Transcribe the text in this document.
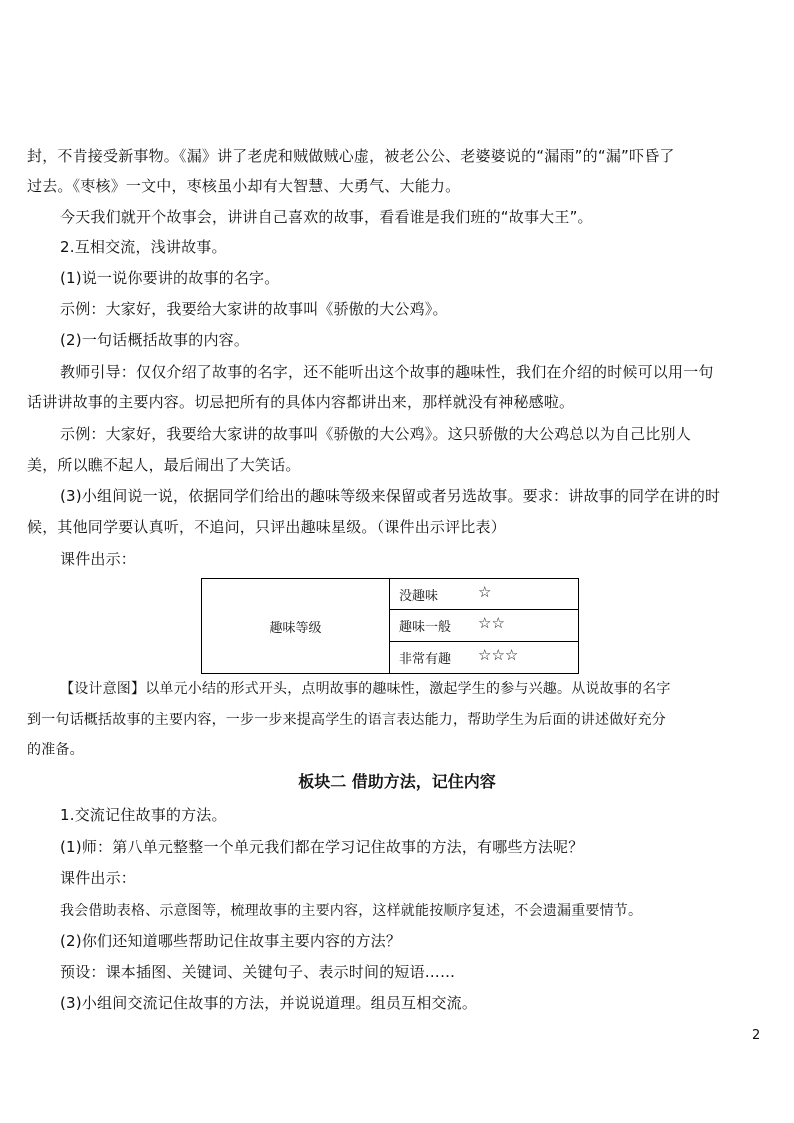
封，不肯接受新事物。《漏》讲了老虎和贼做贼心虚，被老公公、老婆婆说的“漏雨”的“漏”吓昏了
过去。《枣核》一文中，枣核虽小却有大智慧、大勇气、大能力。
今天我们就开个故事会，讲讲自己喜欢的故事，看看谁是我们班的“故事大王”。
2.互相交流，浅讲故事。
(1)说一说你要讲的故事的名字。
示例：大家好，我要给大家讲的故事叫《骄傲的大公鸡》。
(2)一句话概括故事的内容。
教师引导：仅仅介绍了故事的名字，还不能听出这个故事的趣味性，我们在介绍的时候可以用一句
话讲讲故事的主要内容。切忌把所有的具体内容都讲出来，那样就没有神秘感啦。
示例：大家好，我要给大家讲的故事叫《骄傲的大公鸡》。这只骄傲的大公鸡总以为自己比别人
美，所以瞧不起人，最后闹出了大笑话。
(3)小组间说一说，依据同学们给出的趣味等级来保留或者另选故事。要求：讲故事的同学在讲的时
候，其他同学要认真听，不追问，只评出趣味星级。（课件出示评比表）
课件出示：
趣味等级
没趣味	☆
趣味一般 ☆☆
非常有趣 ☆☆☆
【设计意图】以单元小结的形式开头，点明故事的趣味性，激起学生的参与兴趣。从说故事的名字
到一句话概括故事的主要内容，一步一步来提高学生的语言表达能力，帮助学生为后面的讲述做好充分
的准备。
板块二 借助方法，记住内容
1.交流记住故事的方法。
(1)师：第八单元整整一个单元我们都在学习记住故事的方法，有哪些方法呢？
课件出示：
我会借助表格、示意图等，梳理故事的主要内容，这样就能按顺序复述，不会遗漏重要情节。
(2)你们还知道哪些帮助记住故事主要内容的方法？
预设：课本插图、关键词、关键句子、表示时间的短语……
(3)小组间交流记住故事的方法，并说说道理。组员互相交流。
2
